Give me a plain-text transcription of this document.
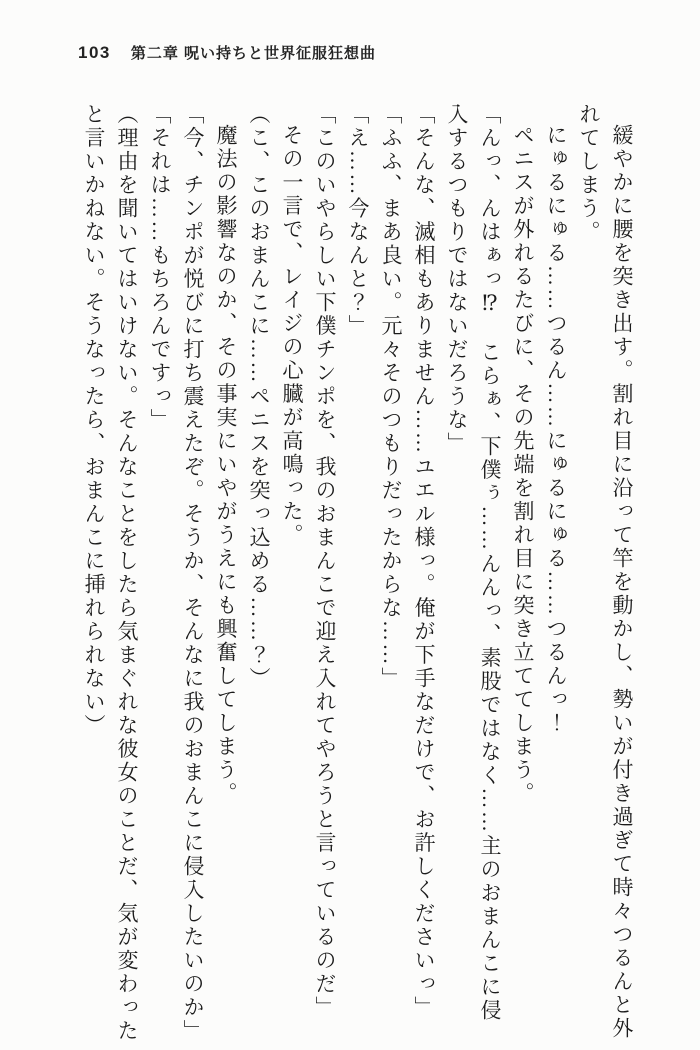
103 第二章 呪い持ちと世界征服狂想曲

緩やかに腰を突き出す。割れ目に沿って竿を動かし、勢いが付き過ぎて時々つるんと外

れてしまう。

にゅるにゅる……つるん……にゅるにゅる……つるんっ！

ペニスが外れるたびに、その先端を割れ目に突き立ててしまう。

「んっ、んはぁっ⁉　こらぁ、下僕ぅ……んんっ、素股ではなく……主のおまんこに侵

入するつもりではないだろうな」

「そんな、滅相もありません……ユエル様っ。俺が下手なだけで、お許しくださいっ」

「ふふ、まあ良い。元々そのつもりだったからな……」

「え……今なんと？」

「このいやらしい下僕チンポを、我のおまんこで迎え入れてやろうと言っているのだ」

その一言で、レイジの心臓が高鳴った。

（こ、このおまんこに……ペニスを突っ込める……？）

魔法の影響なのか、その事実にいやがうえにも興奮してしまう。

「今、チンポが悦びに打ち震えたぞ。そうか、そんなに我のおまんこに侵入したいのか」

「それは……もちろんですっ」

（理由を聞いてはいけない。そんなことをしたら気まぐれな彼女のことだ、気が変わった

と言いかねない。そうなったら、おまんこに挿れられない）
